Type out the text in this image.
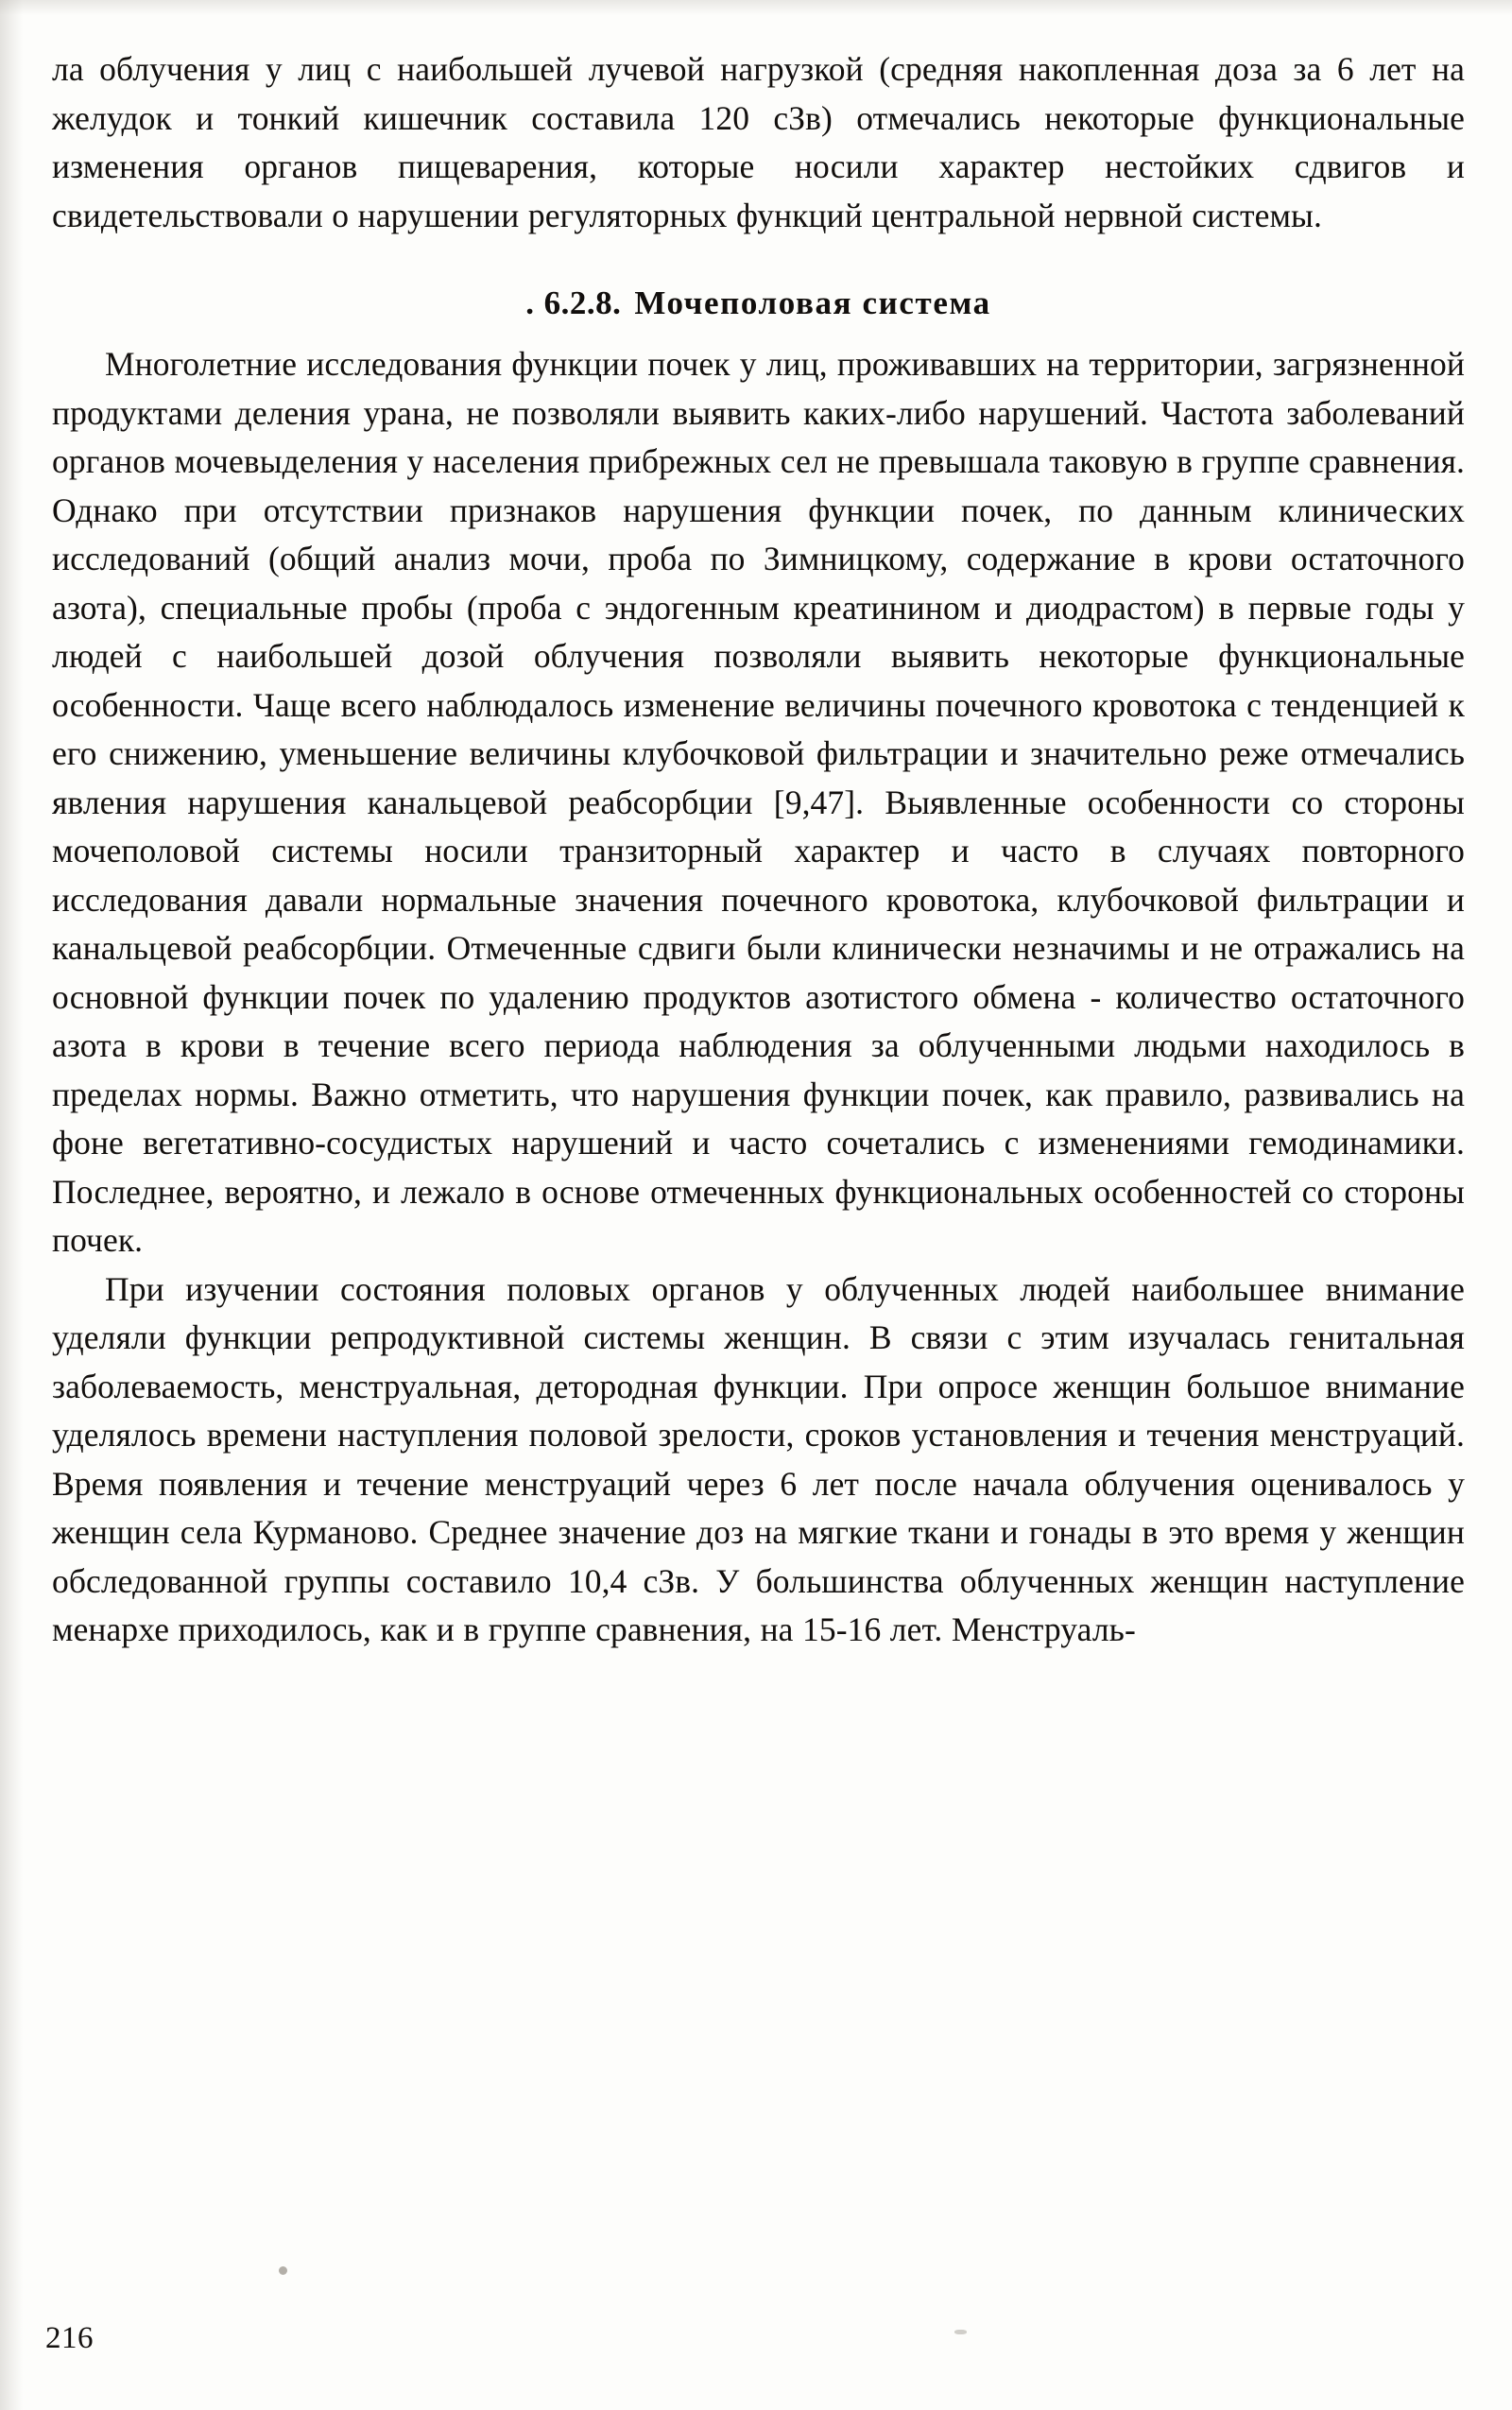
ла облучения у лиц с наибольшей лучевой нагрузкой (средняя накопленная доза за 6 лет на желудок и тонкий кишечник составила 120 сЗв) отмечались некоторые функциональные изменения органов пищеварения, которые носили характер нестойких сдвигов и свидетельствовали о нарушении регуляторных функций центральной нервной системы.

. 6.2.8. Мочеполовая система

Многолетние исследования функции почек у лиц, проживавших на территории, загрязненной продуктами деления урана, не позволяли выявить каких-либо нарушений. Частота заболеваний органов мочевыделения у населения прибрежных сел не превышала таковую в группе сравнения. Однако при отсутствии признаков нарушения функции почек, по данным клинических исследований (общий анализ мочи, проба по Зимницкому, содержание в крови остаточного азота), специальные пробы (проба с эндогенным креатинином и диодрастом) в первые годы у людей с наибольшей дозой облучения позволяли выявить некоторые функциональные особенности. Чаще всего наблюдалось изменение величины почечного кровотока с тенденцией к его снижению, уменьшение величины клубочковой фильтрации и значительно реже отмечались явления нарушения канальцевой реабсорбции [9,47]. Выявленные особенности со стороны мочеполовой системы носили транзиторный характер и часто в случаях повторного исследования давали нормальные значения почечного кровотока, клубочковой фильтрации и канальцевой реабсорбции. Отмеченные сдвиги были клинически незначимы и не отражались на основной функции почек по удалению продуктов азотистого обмена - количество остаточного азота в крови в течение всего периода наблюдения за облученными людьми находилось в пределах нормы. Важно отметить, что нарушения функции почек, как правило, развивались на фоне вегетативно-сосудистых нарушений и часто сочетались с изменениями гемодинамики. Последнее, вероятно, и лежало в основе отмеченных функциональных особенностей со стороны почек.

При изучении состояния половых органов у облученных людей наибольшее внимание уделяли функции репродуктивной системы женщин. В связи с этим изучалась генитальная заболеваемость, менструальная, детородная функции. При опросе женщин большое внимание уделялось времени наступления половой зрелости, сроков установления и течения менструаций. Время появления и течение менструаций через 6 лет после начала облучения оценивалось у женщин села Курманово. Среднее значение доз на мягкие ткани и гонады в это время у женщин обследованной группы составило 10,4 сЗв. У большинства облученных женщин наступление менархе приходилось, как и в группе сравнения, на 15-16 лет. Менструаль-

216
